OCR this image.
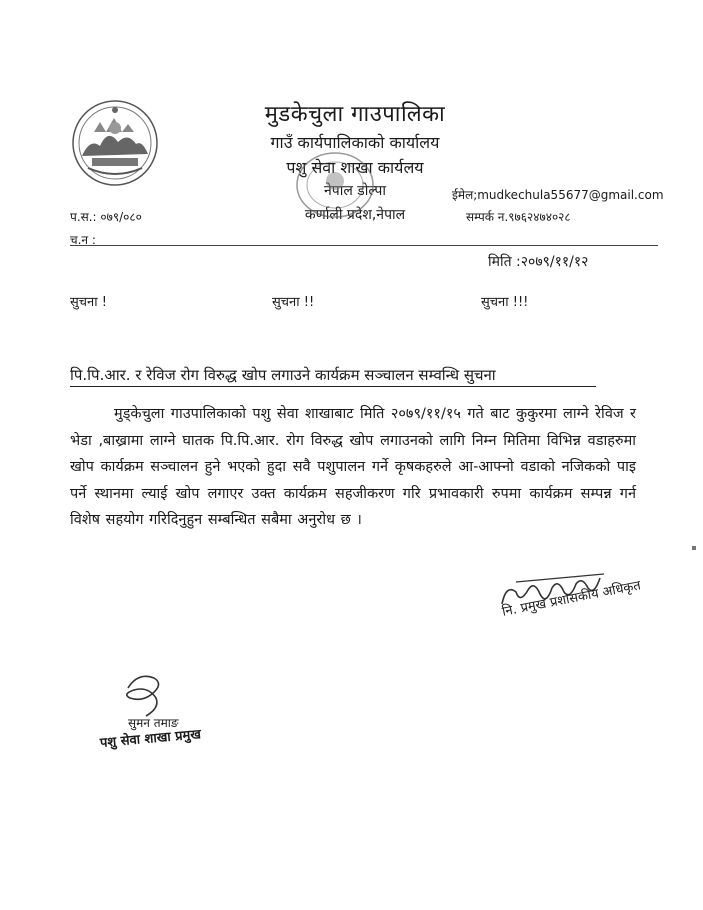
मुडकेचुला गाउपालिका
गाउँ कार्यपालिकाको कार्यालय
पशु सेवा शाखा कार्यलय
नेपाल डोल्पा
कर्णाली प्रदेश,नेपाल
ईमेल;mudkechula55677@gmail.com
प.स.: ०७९/०८०
च.न :
सम्पर्क न.९७६२४७४०२८
मिति :२०७९/११/१२
सुचना !	सुचना !!	सुचना !!!
पि.पि.आर. र रेविज रोग विरुद्ध खोप लगाउने कार्यक्रम सञ्चालन सम्वन्धि सुचना
मुड्केचुला गाउपालिकाको पशु सेवा शाखाबाट मिति २०७९/११/१५ गते बाट कुकुरमा लाग्ने रेविज र भेडा ,बाख्रामा लाग्ने घातक पि.पि.आर. रोग विरुद्ध खोप लगाउनको लागि निम्न मितिमा विभिन्न वडाहरुमा खोप कार्यक्रम सञ्चालन हुने भएको हुदा सवै पशुपालन गर्ने कृषकहरुले आ-आफ्नो वडाको नजिकको पाइ पर्ने स्थानमा ल्याई खोप लगाएर उक्त कार्यक्रम सहजीकरण गरि प्रभावकारी रुपमा कार्यक्रम सम्पन्न गर्न विशेष सहयोग गरिदिनुहुन सम्बन्धित सबैमा अनुरोध छ ।
नि. प्रमुख प्रशासकीय अधिकृत
सुमन तमाङ
पशु सेवा शाखा प्रमुख
